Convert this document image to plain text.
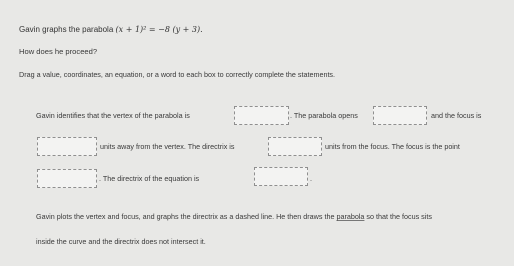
Gavin graphs the parabola (x + 1)² = −8 (y + 3).
How does he proceed?
Drag a value, coordinates, an equation, or a word to each box to correctly complete the statements.
Gavin identifies that the vertex of the parabola is	. The parabola opens	and the focus is
units away from the vertex. The directrix is	units from the focus. The focus is the point
. The directrix of the equation is	.
Gavin plots the vertex and focus, and graphs the directrix as a dashed line. He then draws the parabola so that the focus sits
inside the curve and the directrix does not intersect it.
